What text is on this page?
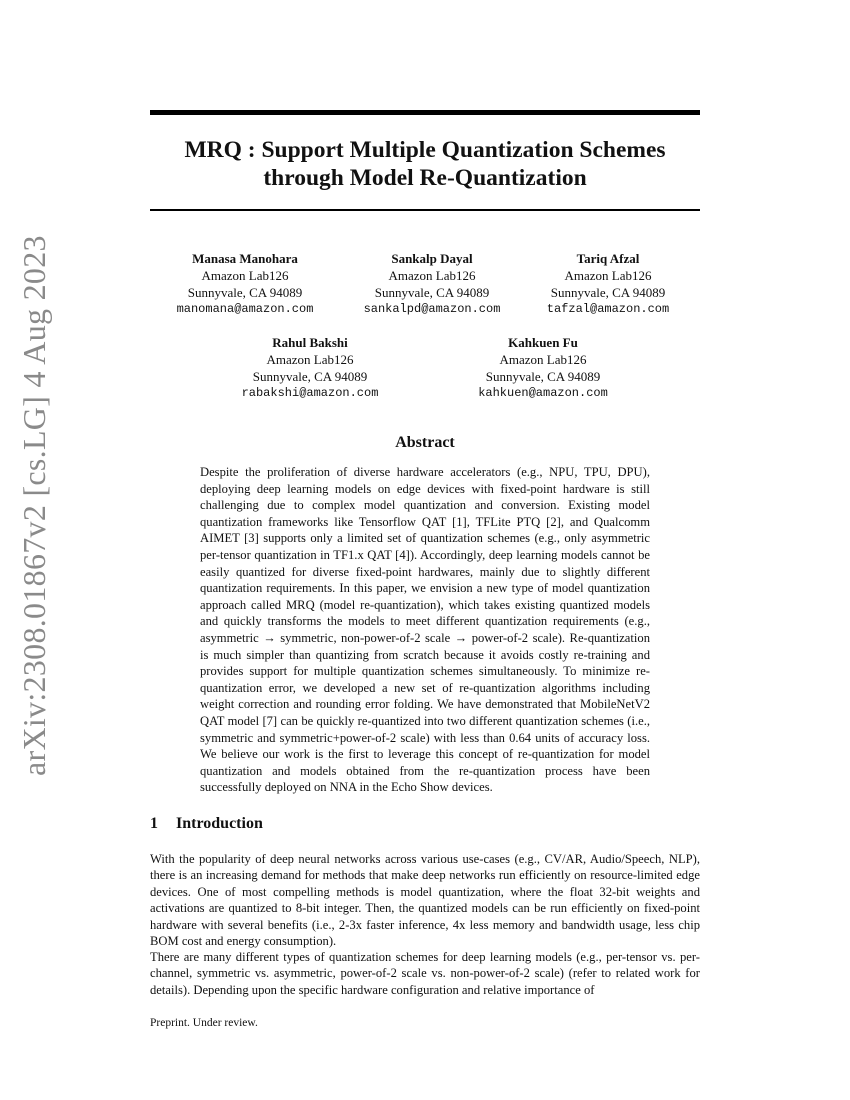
MRQ : Support Multiple Quantization Schemes
through Model Re-Quantization
arXiv:2308.01867v2 [cs.LG] 4 Aug 2023	Manasa Manohara
Amazon Lab126
Sunnyvale, CA 94089
manomana@amazon.com
Sankalp Dayal
Amazon Lab126
Sunnyvale, CA 94089
sankalpd@amazon.com
Tariq Afzal
Amazon Lab126
Sunnyvale, CA 94089
tafzal@amazon.com
Rahul Bakshi
Amazon Lab126
Sunnyvale, CA 94089
rabakshi@amazon.com
Kahkuen Fu
Amazon Lab126
Sunnyvale, CA 94089
kahkuen@amazon.com
Abstract

Despite the proliferation of diverse hardware accelerators (e.g., NPU, TPU, DPU), deploying deep learning models on edge devices with fixed-point hardware is still challenging due to complex model quantization and conversion. Existing model quantization frameworks like Tensorflow QAT [1], TFLite PTQ [2], and Qualcomm AIMET [3] supports only a limited set of quantization schemes (e.g., only asymmetric per-tensor quantization in TF1.x QAT [4]). Accordingly, deep learning models cannot be easily quantized for diverse fixed-point hardwares, mainly due to slightly different quantization requirements. In this paper, we envision a new type of model quantization approach called MRQ (model re-quantization), which takes existing quantized models and quickly transforms the models to meet different quantization requirements (e.g., asymmetric → symmetric, non-power-of-2 scale → power-of-2 scale). Re-quantization is much simpler than quantizing from scratch because it avoids costly re-training and provides support for multiple quantization schemes simultaneously. To minimize re-quantization error, we developed a new set of re-quantization algorithms including weight correction and rounding error folding. We have demonstrated that MobileNetV2 QAT model [7] can be quickly re-quantized into two different quantization schemes (i.e., symmetric and symmetric+power-of-2 scale) with less than 0.64 units of accuracy loss. We believe our work is the first to leverage this concept of re-quantization for model quantization and models obtained from the re-quantization process have been successfully deployed on NNA in the Echo Show devices.

1 Introduction

With the popularity of deep neural networks across various use-cases (e.g., CV/AR, Audio/Speech, NLP), there is an increasing demand for methods that make deep networks run efficiently on resource-limited edge devices. One of most compelling methods is model quantization, where the float 32-bit weights and activations are quantized to 8-bit integer. Then, the quantized models can be run efficiently on fixed-point hardware with several benefits (i.e., 2-3x faster inference, 4x less memory and bandwidth usage, less chip BOM cost and energy consumption).

There are many different types of quantization schemes for deep learning models (e.g., per-tensor vs. per-channel, symmetric vs. asymmetric, power-of-2 scale vs. non-power-of-2 scale) (refer to related work for details). Depending upon the specific hardware configuration and relative importance of

Preprint. Under review.
